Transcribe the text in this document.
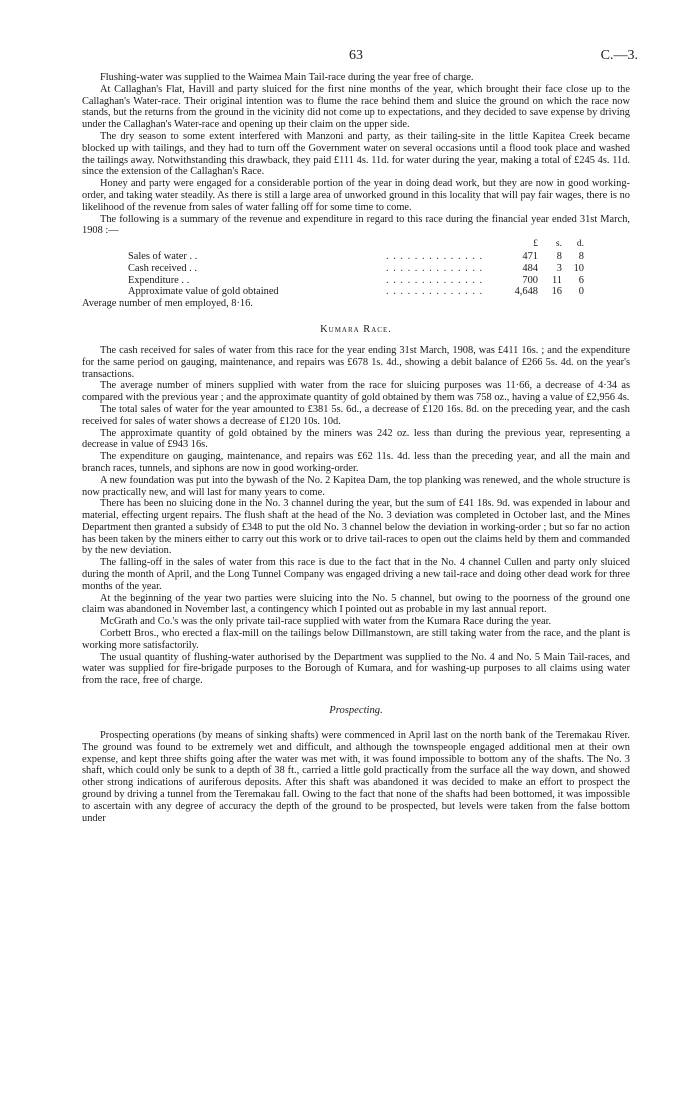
63	C.—3.

Flushing-water was supplied to the Waimea Main Tail-race during the year free of charge.

At Callaghan's Flat, Havill and party sluiced for the first nine months of the year, which brought their face close up to the Callaghan's Water-race. Their original intention was to flume the race behind them and sluice the ground on which the race now stands, but the returns from the ground in the vicinity did not come up to expectations, and they decided to save expense by driving under the Callaghan's Water-race and opening up their claim on the upper side.

The dry season to some extent interfered with Manzoni and party, as their tailing-site in the little Kapitea Creek became blocked up with tailings, and they had to turn off the Government water on several occasions until a flood took place and washed the tailings away. Notwithstanding this drawback, they paid £111 4s. 11d. for water during the year, making a total of £245 4s. 11d. since the extension of the Callaghan's Race.

Honey and party were engaged for a considerable portion of the year in doing dead work, but they are now in good working-order, and taking water steadily. As there is still a large area of unworked ground in this locality that will pay fair wages, there is no likelihood of the revenue from sales of water falling off for some time to come.

The following is a summary of the revenue and expenditure in regard to this race during the financial year ended 31st March, 1908 :—

		£	s.	d.
Sales of water . .	. . . . . . . . . . . . . .	471	8	8
Cash received . .	. . . . . . . . . . . . . .	484	3	10
Expenditure . .	. . . . . . . . . . . . . .	700	11	6
Approximate value of gold obtained	. . . . . . . . . . . . . .	4,648	16	0

Average number of men employed, 8·16.

Kumara Race.

The cash received for sales of water from this race for the year ending 31st March, 1908, was £411 16s. ; and the expenditure for the same period on gauging, maintenance, and repairs was £678 1s. 4d., showing a debit balance of £266 5s. 4d. on the year's transactions.

The average number of miners supplied with water from the race for sluicing purposes was 11·66, a decrease of 4·34 as compared with the previous year ; and the approximate quantity of gold obtained by them was 758 oz., having a value of £2,956 4s.

The total sales of water for the year amounted to £381 5s. 6d., a decrease of £120 16s. 8d. on the preceding year, and the cash received for sales of water shows a decrease of £120 10s. 10d.

The approximate quantity of gold obtained by the miners was 242 oz. less than during the previous year, representing a decrease in value of £943 16s.

The expenditure on gauging, maintenance, and repairs was £62 11s. 4d. less than the preceding year, and all the main and branch races, tunnels, and siphons are now in good working-order.

A new foundation was put into the bywash of the No. 2 Kapitea Dam, the top planking was renewed, and the whole structure is now practically new, and will last for many years to come.

There has been no sluicing done in the No. 3 channel during the year, but the sum of £41 18s. 9d. was expended in labour and material, effecting urgent repairs. The flush shaft at the head of the No. 3 deviation was completed in October last, and the Mines Department then granted a subsidy of £348 to put the old No. 3 channel below the deviation in working-order ; but so far no action has been taken by the miners either to carry out this work or to drive tail-races to open out the claims held by them and commanded by the new deviation.

The falling-off in the sales of water from this race is due to the fact that in the No. 4 channel Cullen and party only sluiced during the month of April, and the Long Tunnel Company was engaged driving a new tail-race and doing other dead work for three months of the year.

At the beginning of the year two parties were sluicing into the No. 5 channel, but owing to the poorness of the ground one claim was abandoned in November last, a contingency which I pointed out as probable in my last annual report.

McGrath and Co.'s was the only private tail-race supplied with water from the Kumara Race during the year.

Corbett Bros., who erected a flax-mill on the tailings below Dillmanstown, are still taking water from the race, and the plant is working more satisfactorily.

The usual quantity of flushing-water authorised by the Department was supplied to the No. 4 and No. 5 Main Tail-races, and water was supplied for fire-brigade purposes to the Borough of Kumara, and for washing-up purposes to all claims using water from the race, free of charge.

Prospecting.

Prospecting operations (by means of sinking shafts) were commenced in April last on the north bank of the Teremakau River. The ground was found to be extremely wet and difficult, and although the townspeople engaged additional men at their own expense, and kept three shifts going after the water was met with, it was found impossible to bottom any of the shafts. The No. 3 shaft, which could only be sunk to a depth of 38 ft., carried a little gold practically from the surface all the way down, and showed other strong indications of auriferous deposits. After this shaft was abandoned it was decided to make an effort to prospect the ground by driving a tunnel from the Teremakau fall. Owing to the fact that none of the shafts had been bottomed, it was impossible to ascertain with any degree of accuracy the depth of the ground to be prospected, but levels were taken from the false bottom under
